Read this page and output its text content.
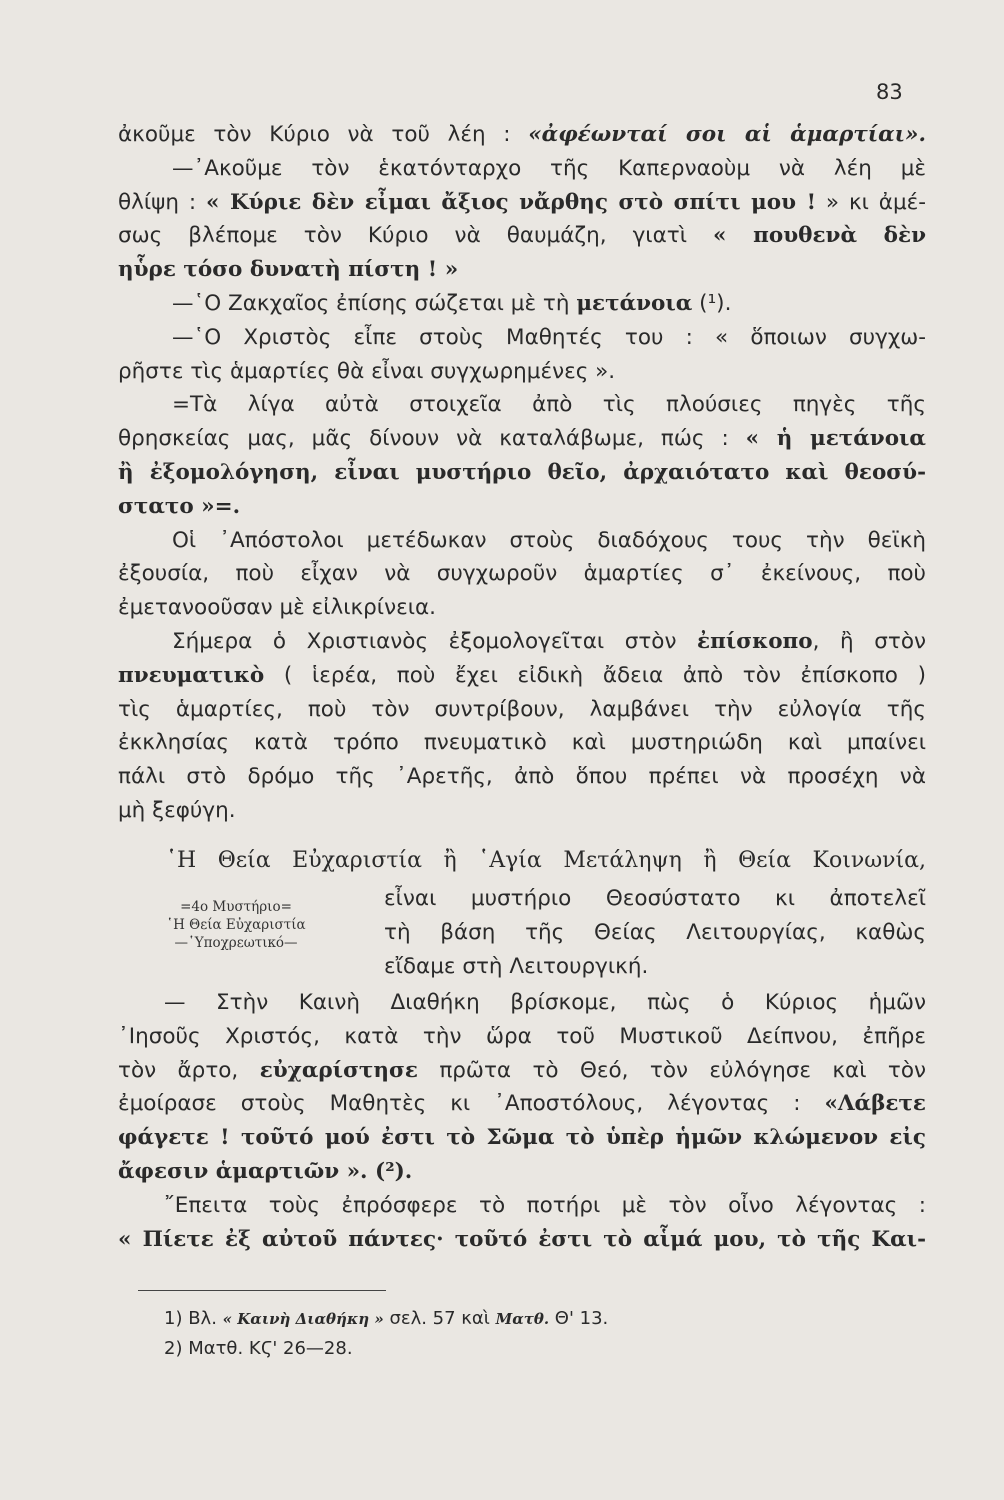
83
ἀκοῦμε τὸν Κύριο νὰ τοῦ λέη : «ἀφέωνταί σοι αἱ ἁμαρτίαι».
—᾿Ακοῦμε τὸν ἑκατόνταρχο τῆς Καπερναοὺμ νὰ λέη μὲ
θλίψη : « Κύριε δὲν εἶμαι ἄξιος νἄρθης στὸ σπίτι μου ! » κι ἀμέ-
σως βλέπομε τὸν Κύριο νὰ θαυμάζη, γιατὶ « πουθενὰ δὲν
ηὗρε τόσο δυνατὴ πίστη ! »
—῾Ο Ζακχαῖος ἐπίσης σώζεται μὲ τὴ μετάνοια (¹).
—῾Ο Χριστὸς εἶπε στοὺς Μαθητές του : « ὅποιων συγχω-
ρῆστε τὶς ἁμαρτίες θὰ εἶναι συγχωρημένες ».
=Τὰ λίγα αὐτὰ στοιχεῖα ἀπὸ τὶς πλούσιες πηγὲς τῆς
θρησκείας μας, μᾶς δίνουν νὰ καταλάβωμε, πώς : « ἡ μετάνοια
ἢ ἐξομολόγηση, εἶναι μυστήριο θεῖο, ἀρχαιότατο καὶ θεοσύ-
στατο »=.
Οἱ ᾿Απόστολοι μετέδωκαν στοὺς διαδόχους τους τὴν θεϊκὴ
ἐξουσία, ποὺ εἶχαν νὰ συγχωροῦν ἁμαρτίες σ᾿ ἐκείνους, ποὺ
ἐμετανοοῦσαν μὲ εἰλικρίνεια.
Σήμερα ὁ Χριστιανὸς ἐξομολογεῖται στὸν ἐπίσκοπο, ἢ στὸν
πνευματικὸ ( ἱερέα, ποὺ ἔχει εἰδικὴ ἄδεια ἀπὸ τὸν ἐπίσκοπο )
τὶς ἁμαρτίες, ποὺ τὸν συντρίβουν, λαμβάνει τὴν εὐλογία τῆς
ἐκκλησίας κατὰ τρόπο πνευματικὸ καὶ μυστηριώδη καὶ μπαίνει
πάλι στὸ δρόμο τῆς ᾿Αρετῆς, ἀπὸ ὅπου πρέπει νὰ προσέχη νὰ
μὴ ξεφύγη.
῾Η Θεία Εὐχαριστία ἢ ῾Αγία Μετάληψη ἢ Θεία Κοινωνία,
=4ο Μυστήριο=
῾Η Θεία Εὐχαριστία
—῾Υποχρεωτικό—
εἶναι μυστήριο Θεοσύστατο κι ἀποτελεῖ
τὴ βάση τῆς Θείας Λειτουργίας, καθὼς
εἴδαμε στὴ Λειτουργική.
— Στὴν Καινὴ Διαθήκη βρίσκομε, πὼς ὁ Κύριος ἡμῶν
᾿Ιησοῦς Χριστός, κατὰ τὴν ὥρα τοῦ Μυστικοῦ Δείπνου, ἐπῆρε
τὸν ἄρτο, εὐχαρίστησε πρῶτα τὸ Θεό, τὸν εὐλόγησε καὶ τὸν
ἐμοίρασε στοὺς Μαθητὲς κι ᾿Αποστόλους, λέγοντας : «Λάβετε
φάγετε ! τοῦτό μού ἐστι τὸ Σῶμα τὸ ὑπὲρ ἡμῶν κλώμενον εἰς
ἄφεσιν ἁμαρτιῶν ». (²).
῎Επειτα τοὺς ἐπρόσφερε τὸ ποτήρι μὲ τὸν οἶνο λέγοντας :
« Πίετε ἐξ αὐτοῦ πάντες· τοῦτό ἐστι τὸ αἷμά μου, τὸ τῆς Και-
1) Βλ. « Καινὴ Διαθήκη » σελ. 57 καὶ Ματθ. Θ' 13.
2) Ματθ. ΚϚ' 26—28.
